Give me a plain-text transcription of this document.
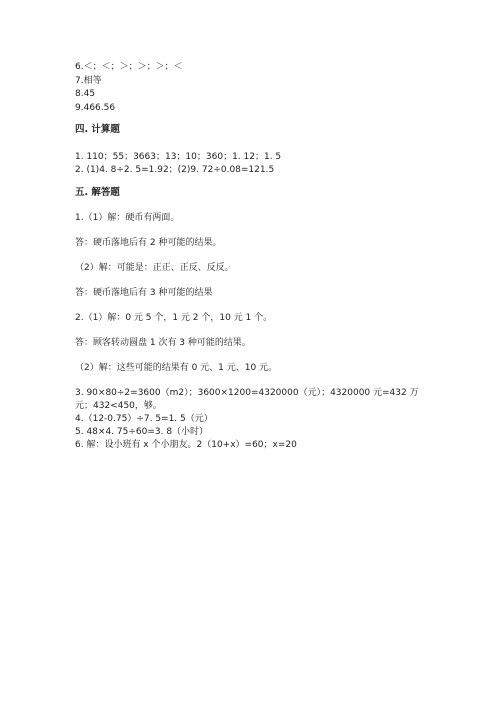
6.＜；＜；＞；＞；＞；＜

7.相等

8.45

9.466.56

四. 计算题

1. 110；55；3663；13；10；360；1. 12；1. 5

2. (1)4. 8÷2. 5=1.92；(2)9. 72÷0.08=121.5

五. 解答题

1.（1）解：硬币有两面。

答：硬币落地后有 2 种可能的结果。

（2）解：可能是：正正、正反、反反。

答：硬币落地后有 3 种可能的结果

2.（1）解：0 元 5 个，1 元 2 个，10 元 1 个。

答：顾客转动圆盘 1 次有 3 种可能的结果。

（2）解：这些可能的结果有 0 元、1 元、10 元。

3. 90×80÷2=3600（m2）；3600×1200=4320000（元）；4320000 元=432 万

元；432<450，够。

4.（12-0.75）÷7. 5=1. 5（元）

5. 48×4. 75÷60=3. 8（小时）

6. 解：设小班有 x 个小朋友。2（10+x）=60；x=20
